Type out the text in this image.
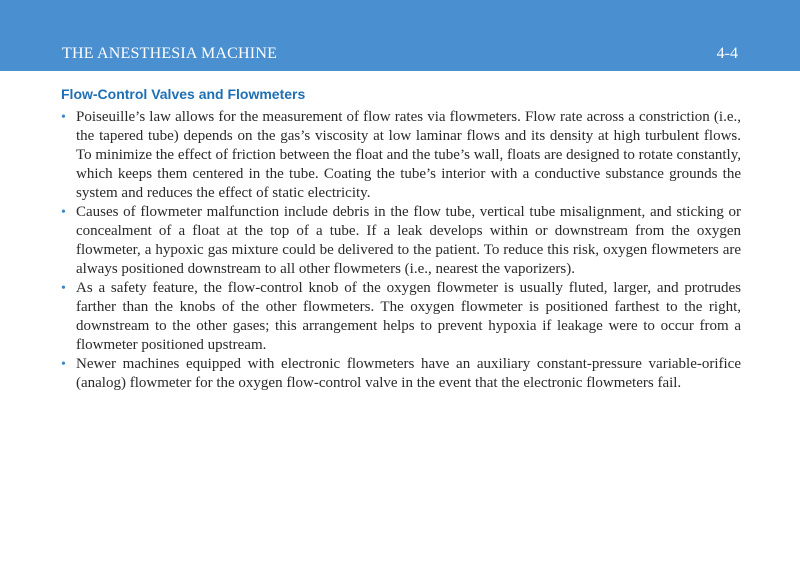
THE ANESTHESIA MACHINE	4-4
Flow-Control Valves and Flowmeters
• Poiseuille’s law allows for the measurement of flow rates via flowmeters. Flow rate across a constriction (i.e., the tapered tube) depends on the gas’s viscosity at low laminar flows and its density at high turbulent flows. To minimize the effect of friction between the float and the tube’s wall, floats are designed to rotate constantly, which keeps them centered in the tube. Coating the tube’s interior with a conductive substance grounds the system and reduces the effect of static electricity.
• Causes of flowmeter malfunction include debris in the flow tube, vertical tube misalignment, and sticking or concealment of a float at the top of a tube. If a leak develops within or downstream from the oxygen flowmeter, a hypoxic gas mixture could be delivered to the patient. To reduce this risk, oxygen flowmeters are always positioned downstream to all other flowmeters (i.e., nearest the vaporizers).
• As a safety feature, the flow-control knob of the oxygen flowmeter is usually fluted, larger, and protrudes farther than the knobs of the other flowmeters. The oxygen flowmeter is positioned farthest to the right, downstream to the other gases; this arrangement helps to prevent hypoxia if leakage were to occur from a flowmeter positioned upstream.
• Newer machines equipped with electronic flowmeters have an auxiliary constant-pressure variable-orifice (analog) flowmeter for the oxygen flow-control valve in the event that the electronic flowmeters fail.
